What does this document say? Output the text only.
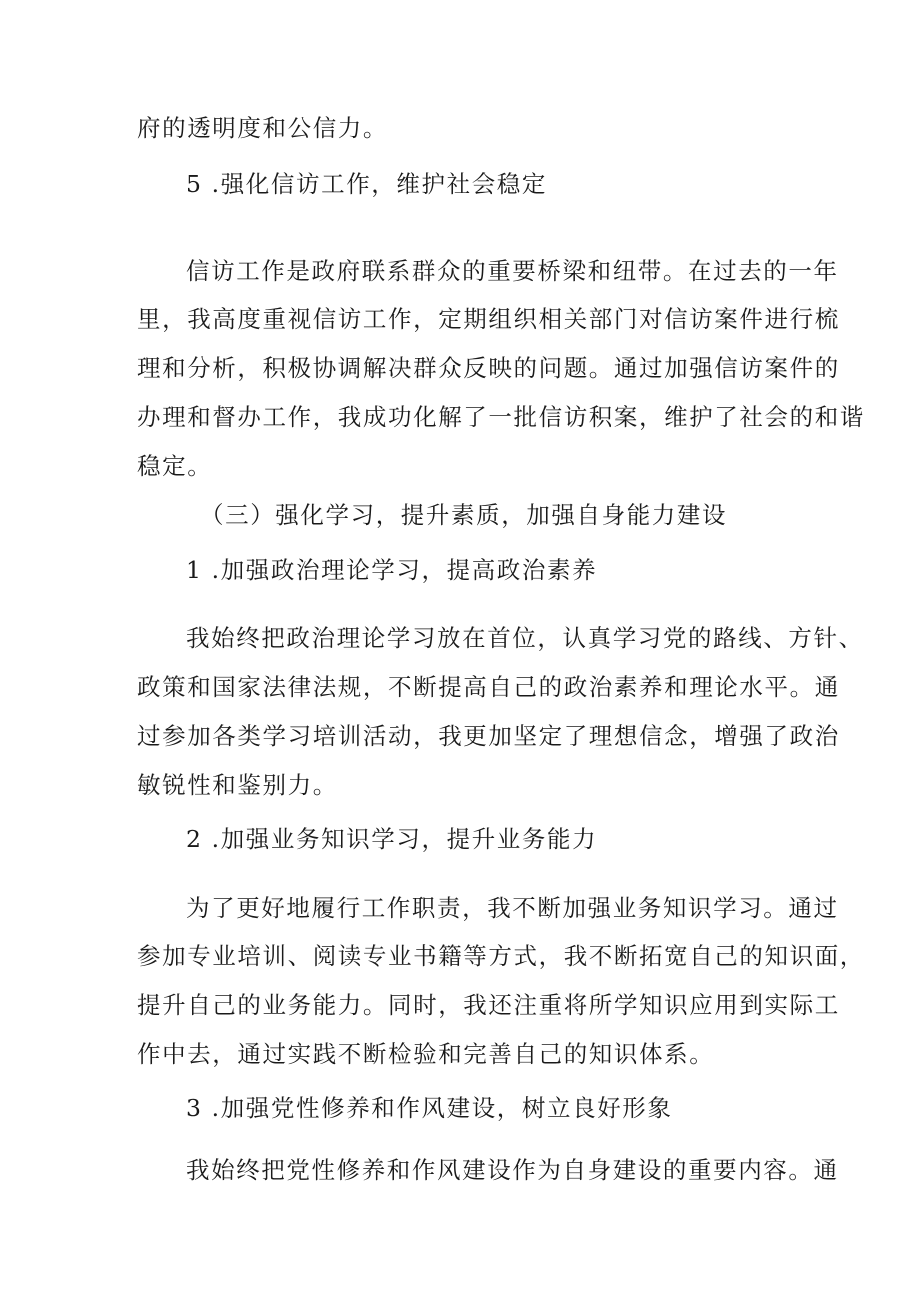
府的透明度和公信力。
5 .强化信访工作，维护社会稳定
信访工作是政府联系群众的重要桥梁和纽带。在过去的一年
里，我高度重视信访工作，定期组织相关部门对信访案件进行梳
理和分析，积极协调解决群众反映的问题。通过加强信访案件的
办理和督办工作，我成功化解了一批信访积案，维护了社会的和谐
稳定。
（三）强化学习，提升素质，加强自身能力建设
1 .加强政治理论学习，提高政治素养
我始终把政治理论学习放在首位，认真学习党的路线、方针、
政策和国家法律法规，不断提高自己的政治素养和理论水平。通
过参加各类学习培训活动，我更加坚定了理想信念，增强了政治
敏锐性和鉴别力。
2 .加强业务知识学习，提升业务能力
为了更好地履行工作职责，我不断加强业务知识学习。通过
参加专业培训、阅读专业书籍等方式，我不断拓宽自己的知识面，
提升自己的业务能力。同时，我还注重将所学知识应用到实际工
作中去，通过实践不断检验和完善自己的知识体系。
3 .加强党性修养和作风建设，树立良好形象
我始终把党性修养和作风建设作为自身建设的重要内容。通
